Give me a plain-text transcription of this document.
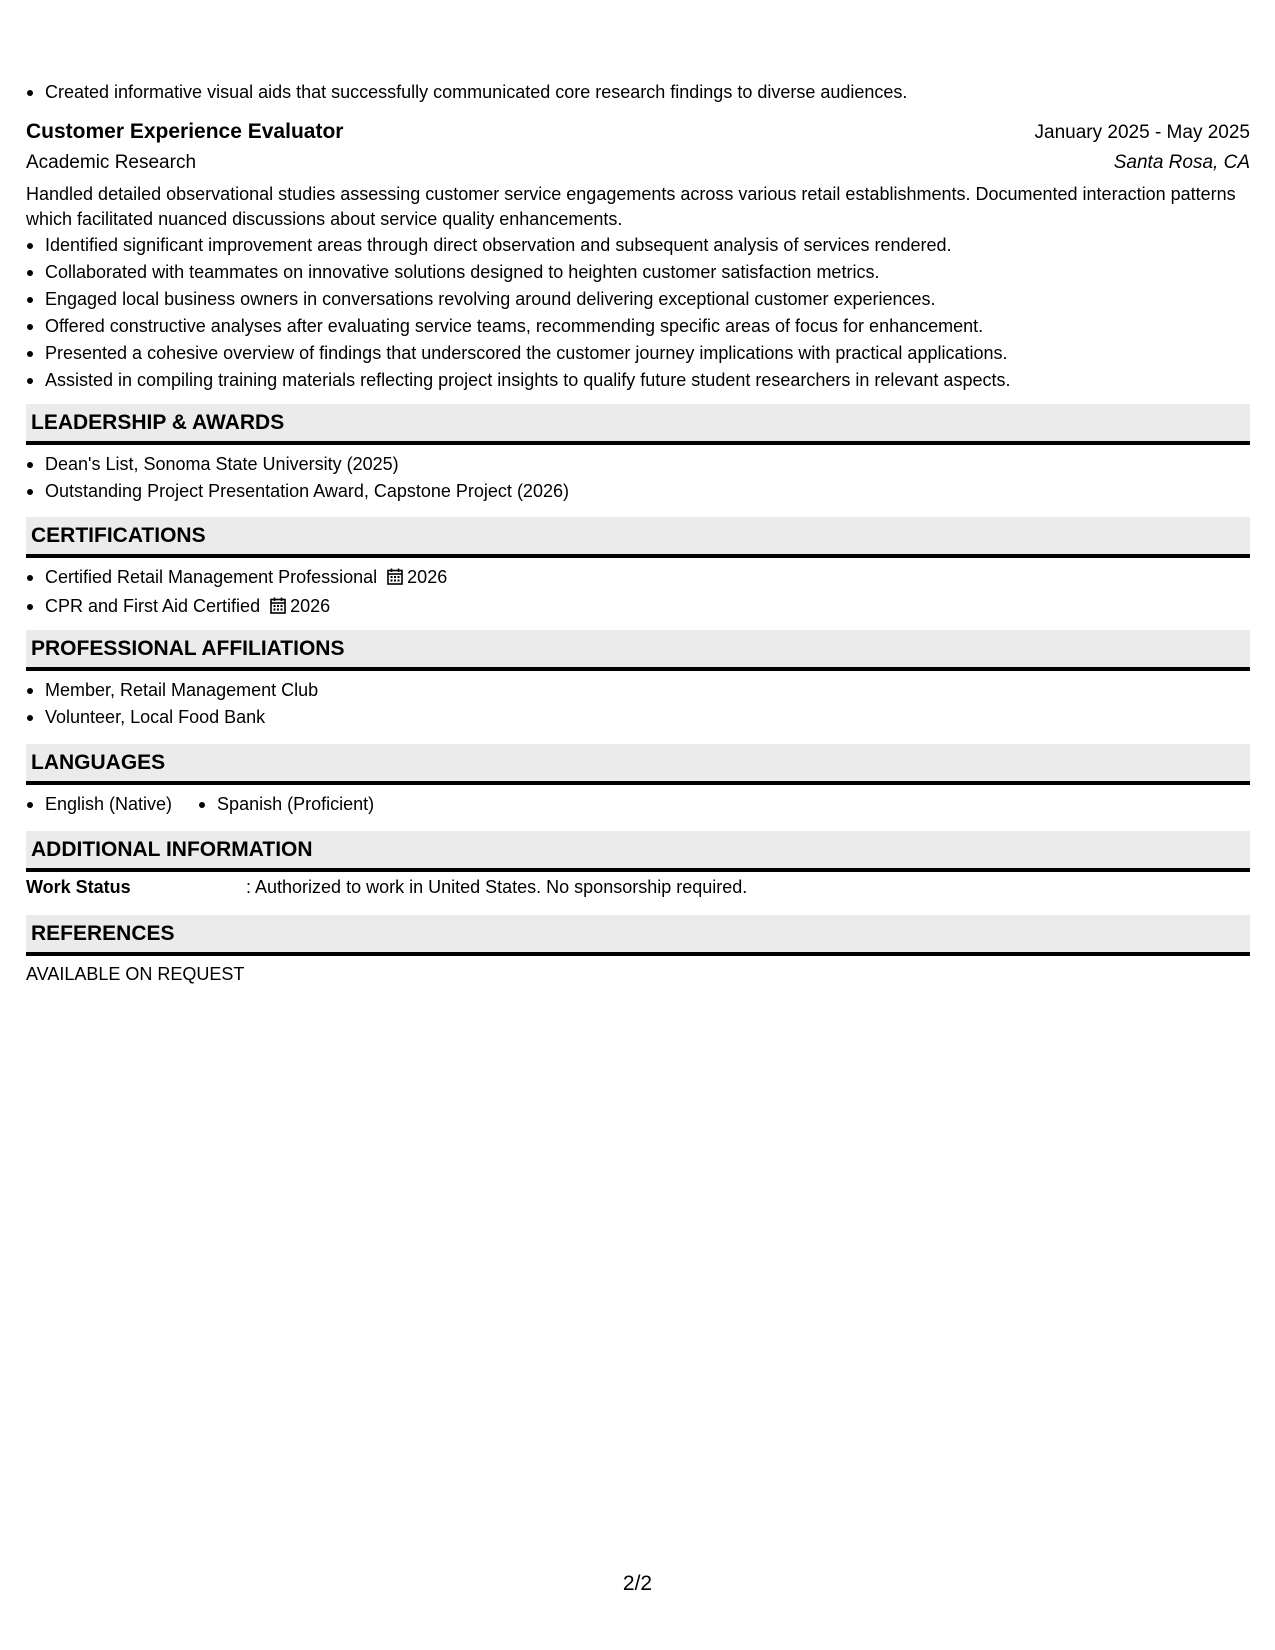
Created informative visual aids that successfully communicated core research findings to diverse audiences.
Customer Experience Evaluator	January 2025 - May 2025
Academic Research	Santa Rosa, CA
Handled detailed observational studies assessing customer service engagements across various retail establishments. Documented interaction patterns which facilitated nuanced discussions about service quality enhancements.
Identified significant improvement areas through direct observation and subsequent analysis of services rendered.
Collaborated with teammates on innovative solutions designed to heighten customer satisfaction metrics.
Engaged local business owners in conversations revolving around delivering exceptional customer experiences.
Offered constructive analyses after evaluating service teams, recommending specific areas of focus for enhancement.
Presented a cohesive overview of findings that underscored the customer journey implications with practical applications.
Assisted in compiling training materials reflecting project insights to qualify future student researchers in relevant aspects.
LEADERSHIP & AWARDS
Dean's List, Sonoma State University (2025)
Outstanding Project Presentation Award, Capstone Project (2026)
CERTIFICATIONS
Certified Retail Management Professional 2026
CPR and First Aid Certified 2026
PROFESSIONAL AFFILIATIONS
Member, Retail Management Club
Volunteer, Local Food Bank
LANGUAGES
English (Native)	Spanish (Proficient)
ADDITIONAL INFORMATION
Work Status	: Authorized to work in United States. No sponsorship required.
REFERENCES
AVAILABLE ON REQUEST
2/2
